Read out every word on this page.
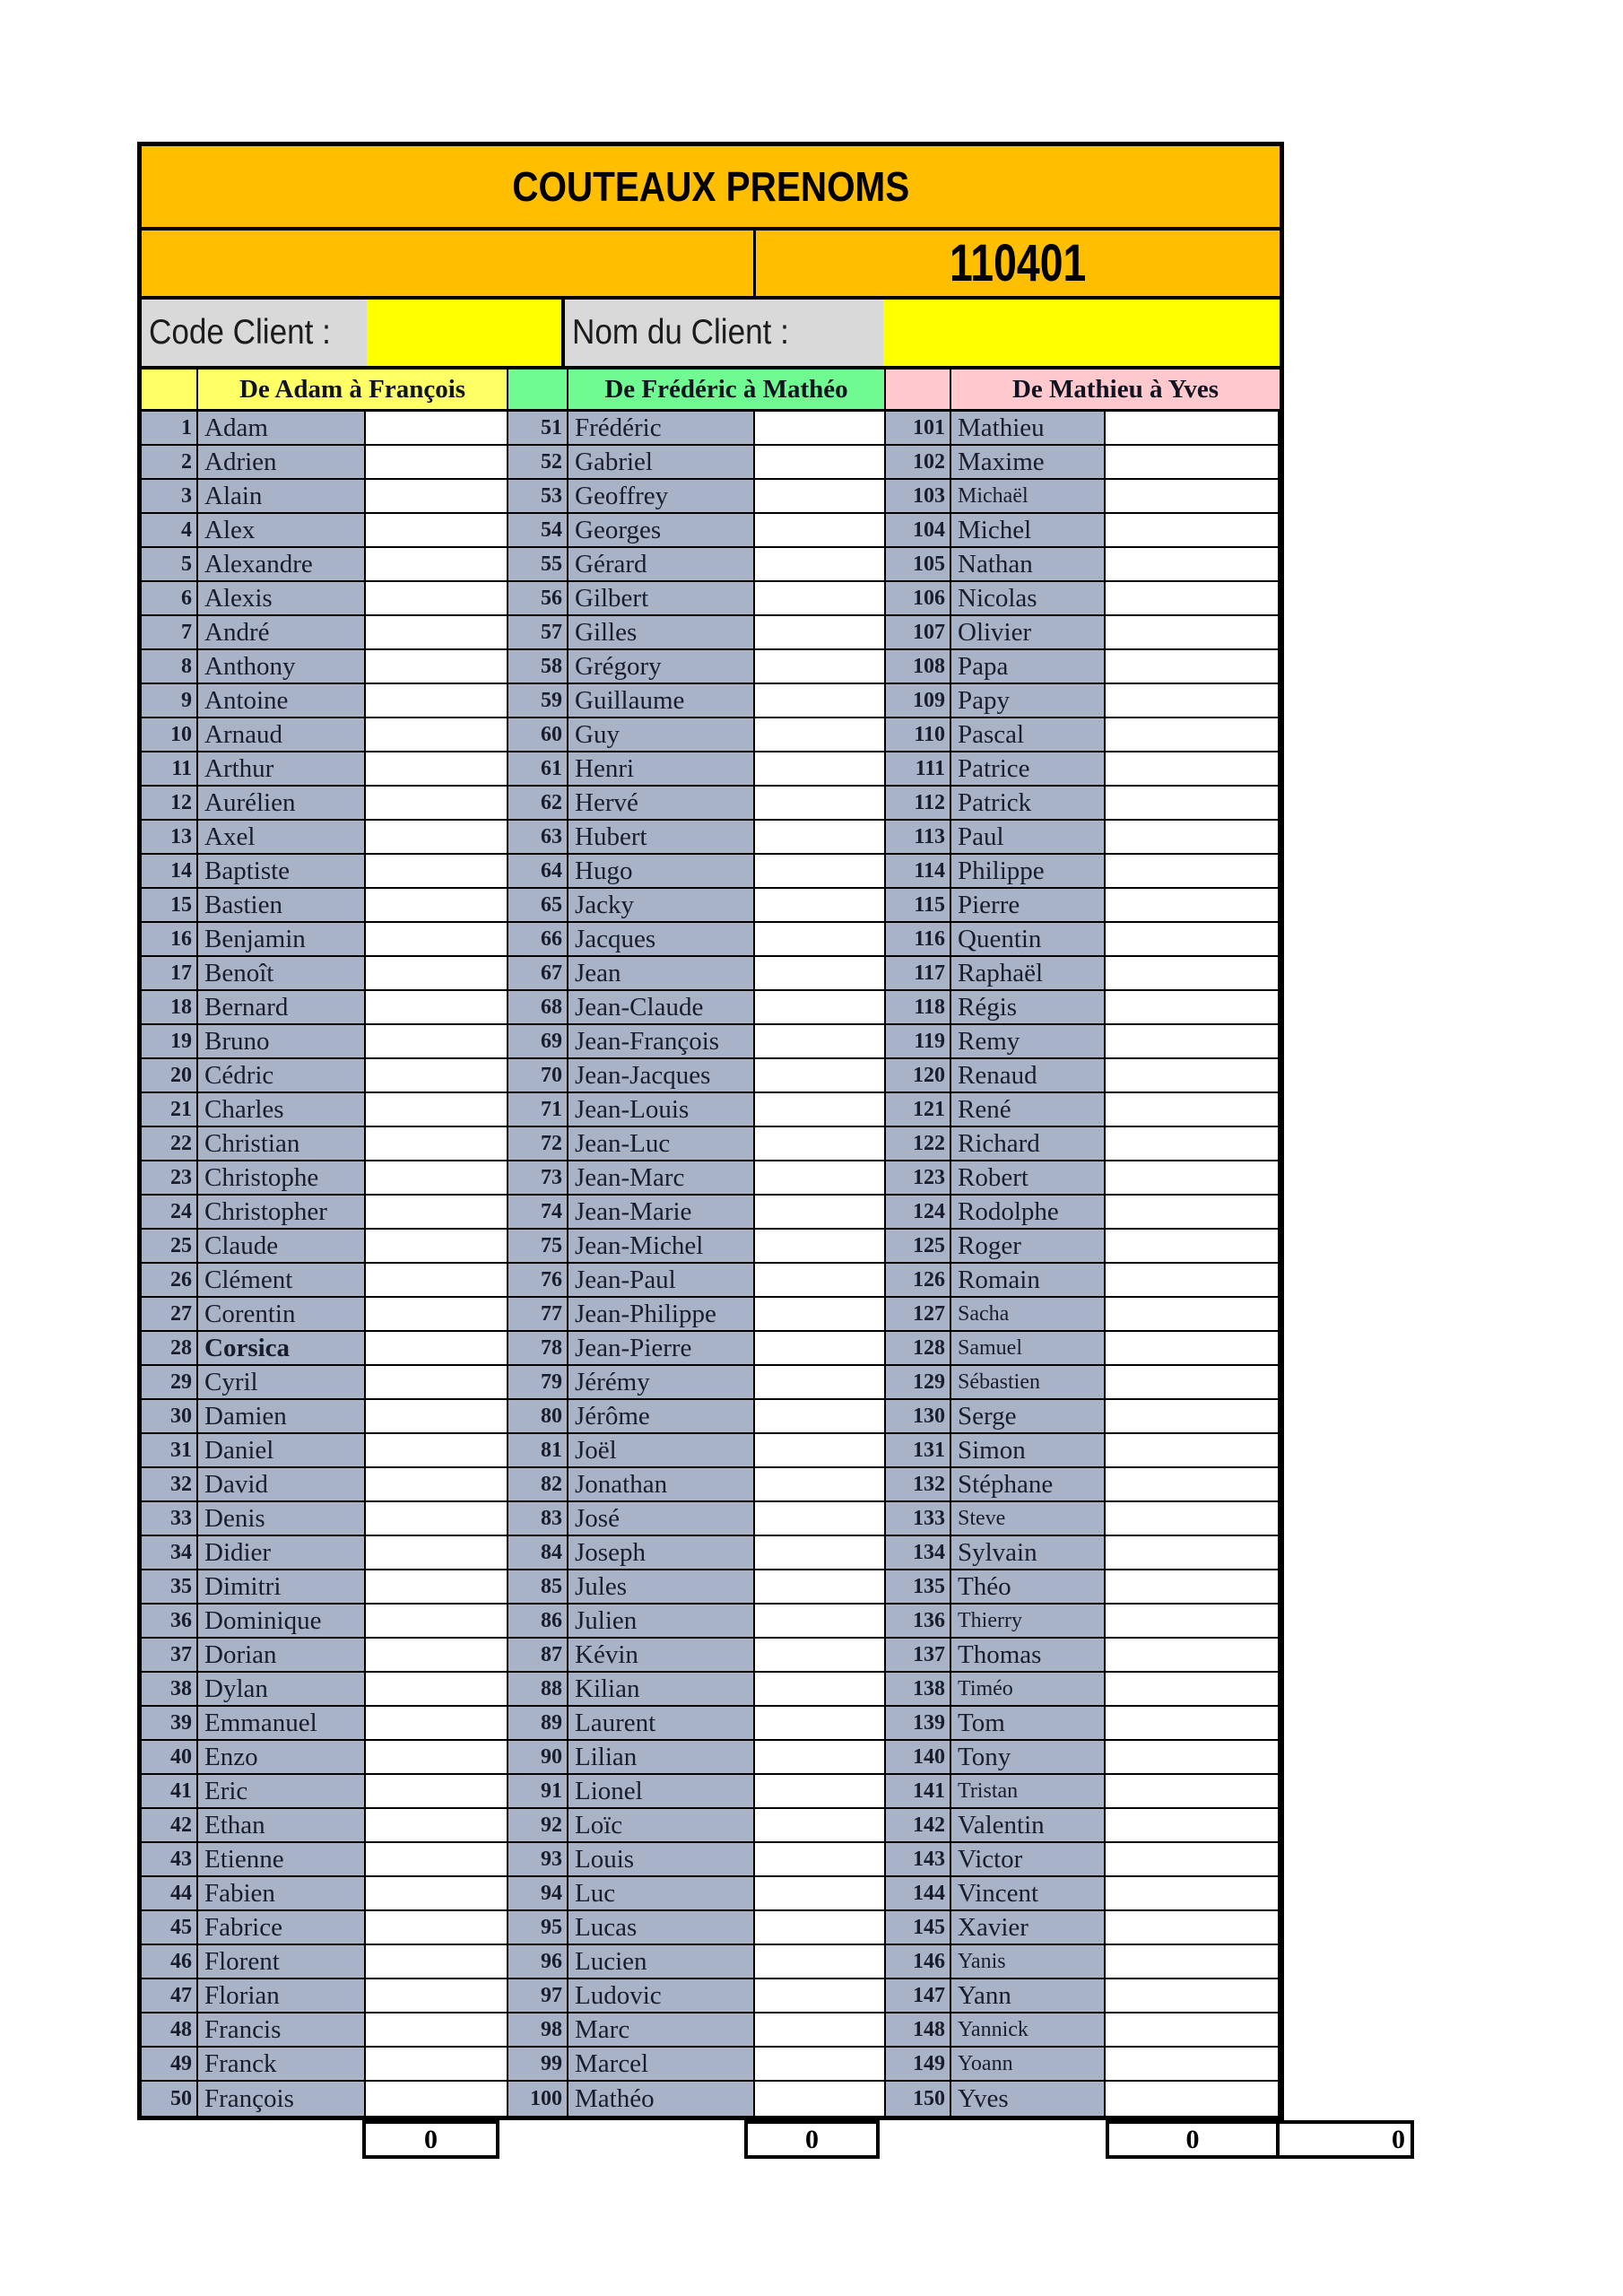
COUTEAUX PRENOMS
110401
Code Client :	Nom du Client :
De Adam à François	De Frédéric à Mathéo	De Mathieu à Yves
1 Adam	51 Frédéric	101 Mathieu
2 Adrien	52 Gabriel	102 Maxime
3 Alain	53 Geoffrey	103 Michaël
4 Alex	54 Georges	104 Michel
5 Alexandre	55 Gérard	105 Nathan
6 Alexis	56 Gilbert	106 Nicolas
7 André	57 Gilles	107 Olivier
8 Anthony	58 Grégory	108 Papa
9 Antoine	59 Guillaume	109 Papy
10 Arnaud	60 Guy	110 Pascal
11 Arthur	61 Henri	111 Patrice
12 Aurélien	62 Hervé	112 Patrick
13 Axel	63 Hubert	113 Paul
14 Baptiste	64 Hugo	114 Philippe
15 Bastien	65 Jacky	115 Pierre
16 Benjamin	66 Jacques	116 Quentin
17 Benoît	67 Jean	117 Raphaël
18 Bernard	68 Jean-Claude	118 Régis
19 Bruno	69 Jean-François	119 Remy
20 Cédric	70 Jean-Jacques	120 Renaud
21 Charles	71 Jean-Louis	121 René
22 Christian	72 Jean-Luc	122 Richard
23 Christophe	73 Jean-Marc	123 Robert
24 Christopher	74 Jean-Marie	124 Rodolphe
25 Claude	75 Jean-Michel	125 Roger
26 Clément	76 Jean-Paul	126 Romain
27 Corentin	77 Jean-Philippe	127 Sacha
28 Corsica	78 Jean-Pierre	128 Samuel
29 Cyril	79 Jérémy	129 Sébastien
30 Damien	80 Jérôme	130 Serge
31 Daniel	81 Joël	131 Simon
32 David	82 Jonathan	132 Stéphane
33 Denis	83 José	133 Steve
34 Didier	84 Joseph	134 Sylvain
35 Dimitri	85 Jules	135 Théo
36 Dominique	86 Julien	136 Thierry
37 Dorian	87 Kévin	137 Thomas
38 Dylan	88 Kilian	138 Timéo
39 Emmanuel	89 Laurent	139 Tom
40 Enzo	90 Lilian	140 Tony
41 Eric	91 Lionel	141 Tristan
42 Ethan	92 Loïc	142 Valentin
43 Etienne	93 Louis	143 Victor
44 Fabien	94 Luc	144 Vincent
45 Fabrice	95 Lucas	145 Xavier
46 Florent	96 Lucien	146 Yanis
47 Florian	97 Ludovic	147 Yann
48 Francis	98 Marc	148 Yannick
49 Franck	99 Marcel	149 Yoann
50 François	100 Mathéo	150 Yves
0	0	0	0
